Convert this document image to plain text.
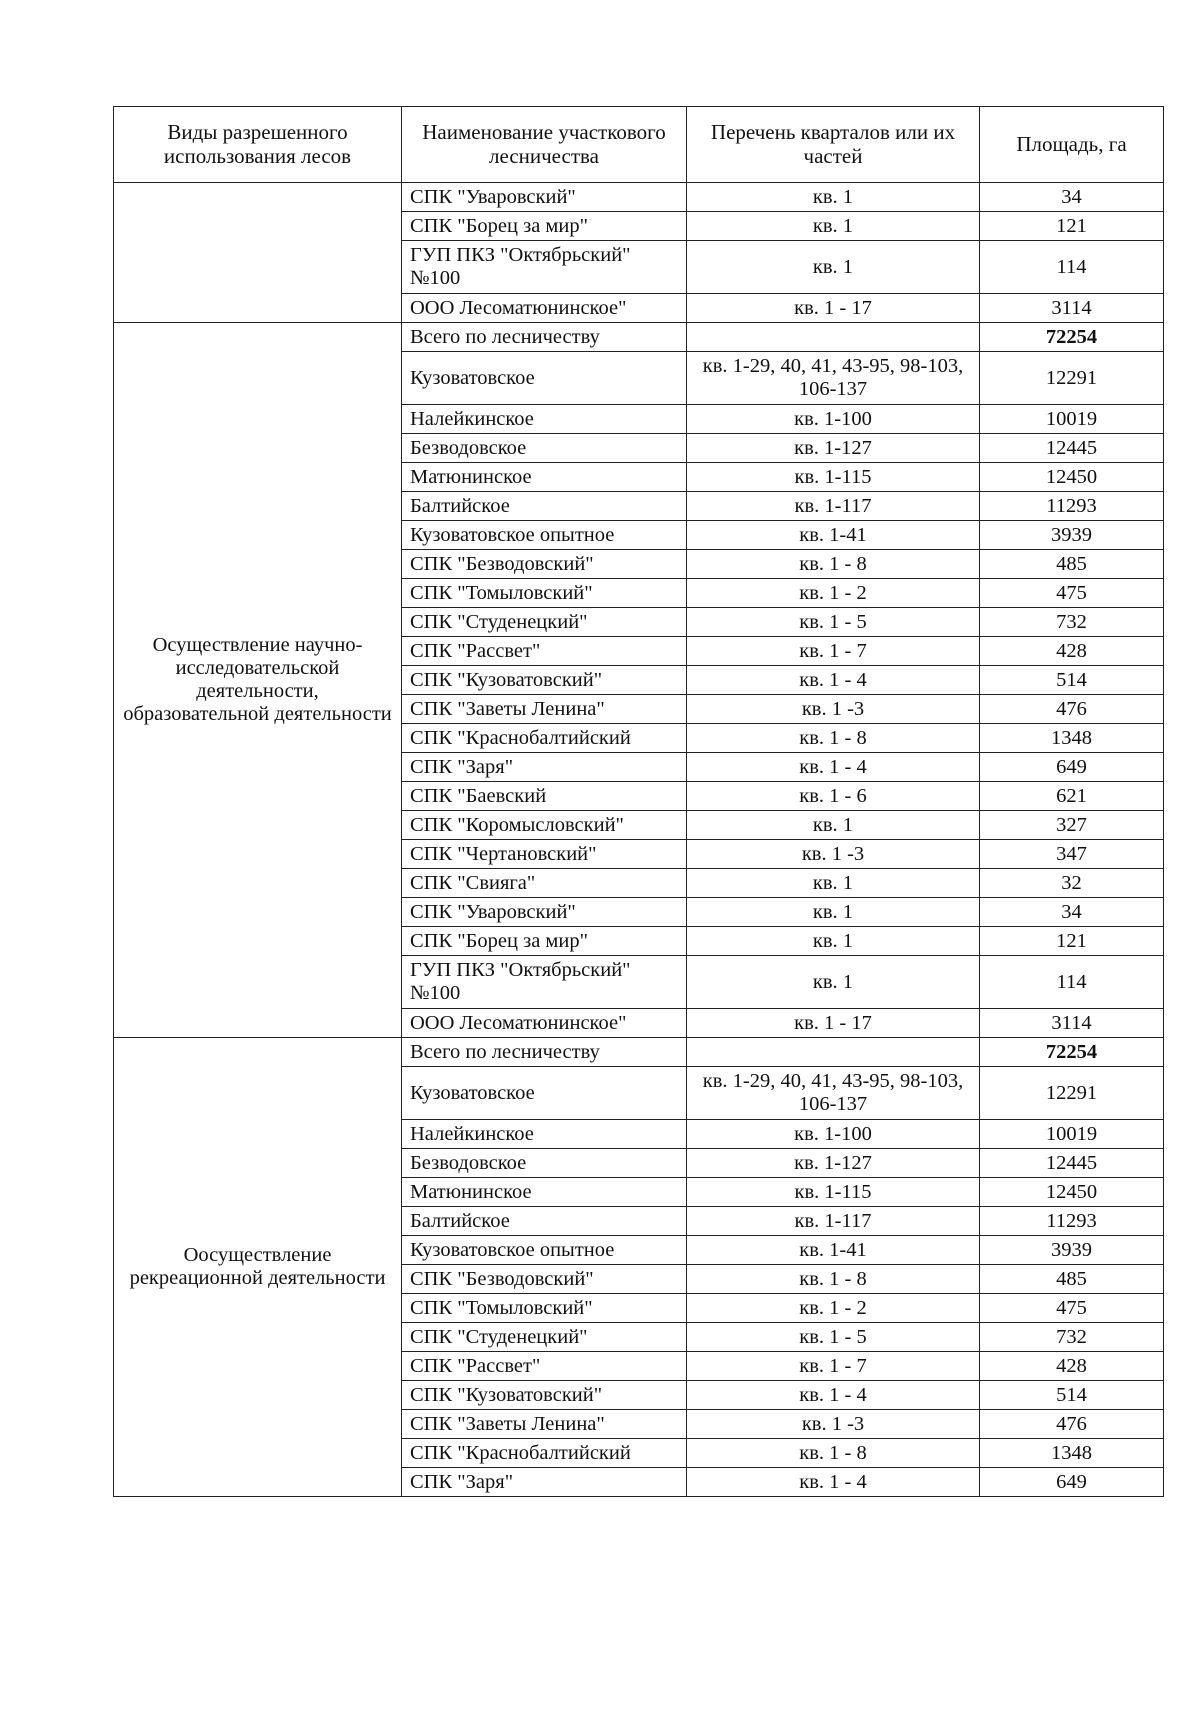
Виды разрешенного использования лесов	Наименование участкового лесничества	Перечень кварталов или их частей	Площадь, га
	СПК "Уваровский"	кв. 1	34
	СПК "Борец за мир"	кв. 1	121
	ГУП ПКЗ "Октябрьский" №100	кв. 1	114
	ООО Лесоматюнинское"	кв. 1 - 17	3114
Осуществление научно-исследовательской деятельности, образовательной деятельности	Всего по лесничеству		72254
	Кузоватовское	кв. 1-29, 40, 41, 43-95, 98-103, 106-137	12291
	Налейкинское	кв. 1-100	10019
	Безводовское	кв. 1-127	12445
	Матюнинское	кв. 1-115	12450
	Балтийское	кв. 1-117	11293
	Кузоватовское опытное	кв. 1-41	3939
	СПК "Безводовский"	кв. 1 - 8	485
	СПК "Томыловский"	кв. 1 - 2	475
	СПК "Студенецкий"	кв. 1 - 5	732
	СПК "Рассвет"	кв. 1 - 7	428
	СПК "Кузоватовский"	кв. 1 - 4	514
	СПК "Заветы Ленина"	кв. 1 -3	476
	СПК "Краснобалтийский	кв. 1 - 8	1348
	СПК "Заря"	кв. 1 - 4	649
	СПК "Баевский	кв. 1 - 6	621
	СПК "Коромысловский"	кв. 1	327
	СПК "Чертановский"	кв. 1 -3	347
	СПК "Свияга"	кв. 1	32
	СПК "Уваровский"	кв. 1	34
	СПК "Борец за мир"	кв. 1	121
	ГУП ПКЗ "Октябрьский" №100	кв. 1	114
	ООО Лесоматюнинское"	кв. 1 - 17	3114
Оосуществление рекреационной деятельности	Всего по лесничеству		72254
	Кузоватовское	кв. 1-29, 40, 41, 43-95, 98-103, 106-137	12291
	Налейкинское	кв. 1-100	10019
	Безводовское	кв. 1-127	12445
	Матюнинское	кв. 1-115	12450
	Балтийское	кв. 1-117	11293
	Кузоватовское опытное	кв. 1-41	3939
	СПК "Безводовский"	кв. 1 - 8	485
	СПК "Томыловский"	кв. 1 - 2	475
	СПК "Студенецкий"	кв. 1 - 5	732
	СПК "Рассвет"	кв. 1 - 7	428
	СПК "Кузоватовский"	кв. 1 - 4	514
	СПК "Заветы Ленина"	кв. 1 -3	476
	СПК "Краснобалтийский	кв. 1 - 8	1348
	СПК "Заря"	кв. 1 - 4	649
